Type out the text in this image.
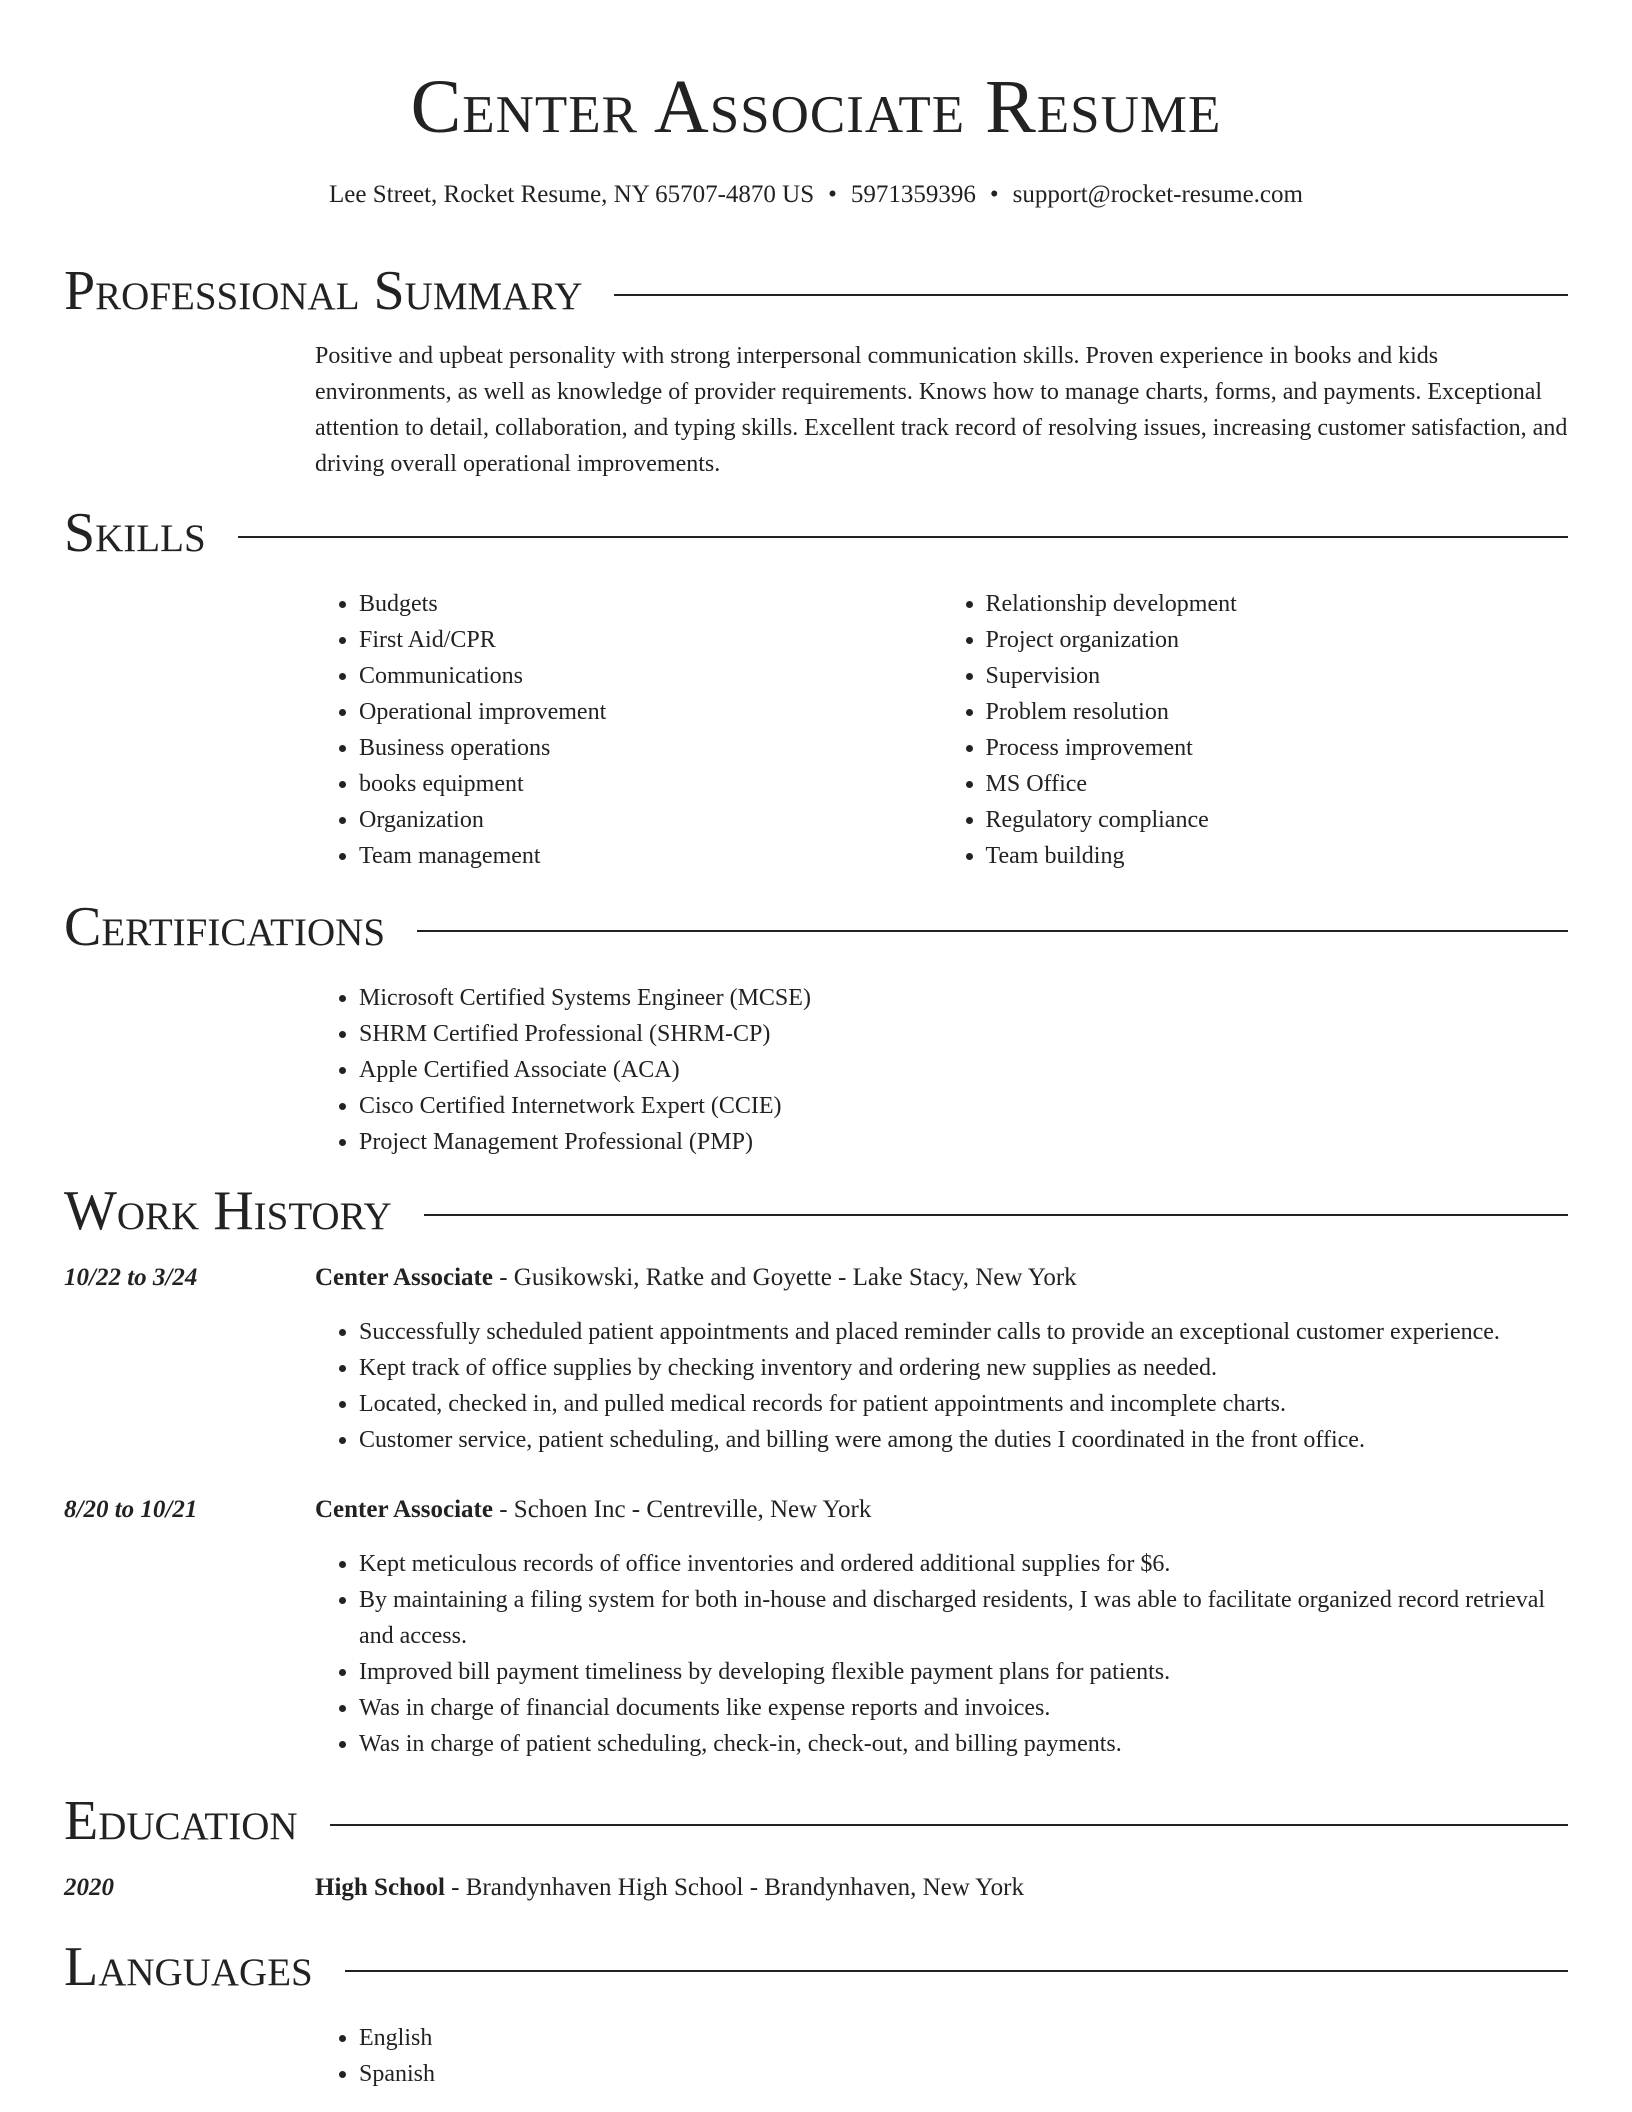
Center Associate Resume
Lee Street, Rocket Resume, NY 65707-4870 US • 5971359396 • support@rocket-resume.com
Professional Summary

Positive and upbeat personality with strong interpersonal communication skills. Proven experience in books and kids environments, as well as knowledge of provider requirements. Knows how to manage charts, forms, and payments. Exceptional attention to detail, collaboration, and typing skills. Excellent track record of resolving issues, increasing customer satisfaction, and driving overall operational improvements.

Skills
• Budgets
• First Aid/CPR
• Communications
• Operational improvement
• Business operations
• books equipment
• Organization
• Team management
• Relationship development
• Project organization
• Supervision
• Problem resolution
• Process improvement
• MS Office
• Regulatory compliance
• Team building
Certifications
• Microsoft Certified Systems Engineer (MCSE)
• SHRM Certified Professional (SHRM-CP)
• Apple Certified Associate (ACA)
• Cisco Certified Internetwork Expert (CCIE)
• Project Management Professional (PMP)
Work History
10/22 to 3/24	Center Associate - Gusikowski, Ratke and Goyette - Lake Stacy, New York
• Successfully scheduled patient appointments and placed reminder calls to provide an exceptional customer experience.
• Kept track of office supplies by checking inventory and ordering new supplies as needed.
• Located, checked in, and pulled medical records for patient appointments and incomplete charts.
• Customer service, patient scheduling, and billing were among the duties I coordinated in the front office.
8/20 to 10/21	Center Associate - Schoen Inc - Centreville, New York
• Kept meticulous records of office inventories and ordered additional supplies for $6.
• By maintaining a filing system for both in-house and discharged residents, I was able to facilitate organized record retrieval and access.
• Improved bill payment timeliness by developing flexible payment plans for patients.
• Was in charge of financial documents like expense reports and invoices.
• Was in charge of patient scheduling, check-in, check-out, and billing payments.
Education
2020	High School - Brandynhaven High School - Brandynhaven, New York
Languages
• English
• Spanish
